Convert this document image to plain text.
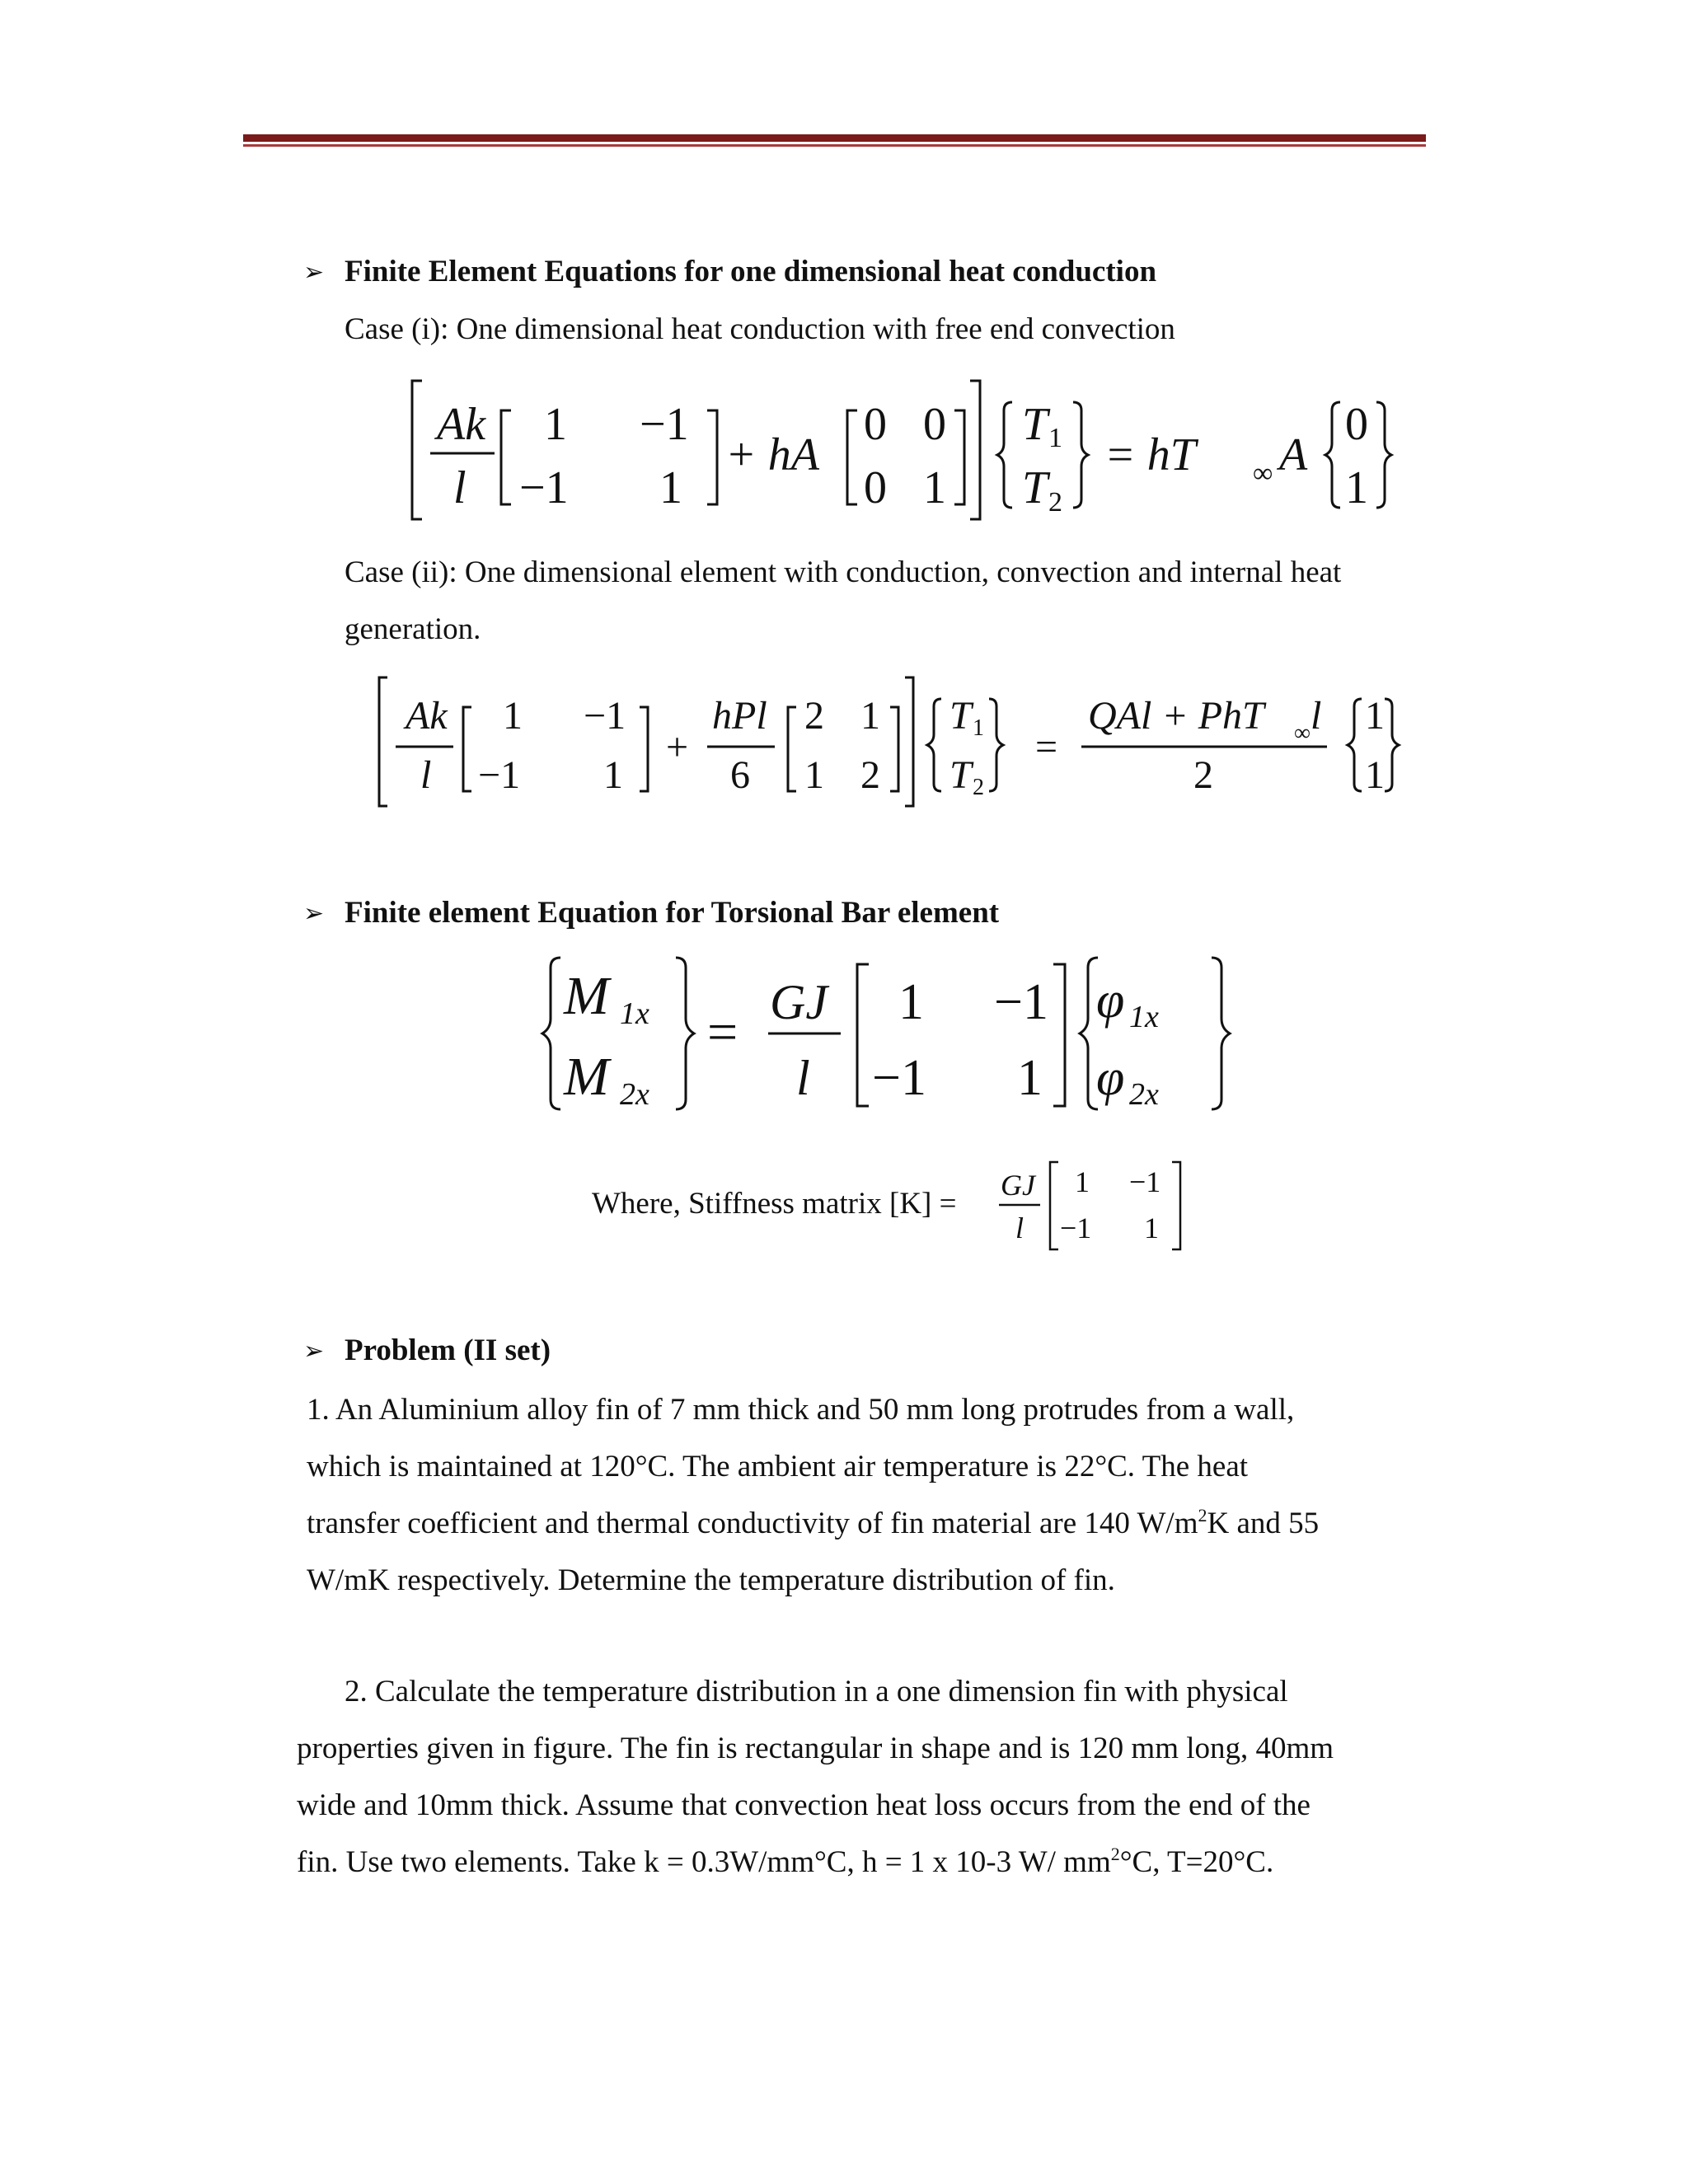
➢ Finite Element Equations for one dimensional heat conduction
Case (i): One dimensional heat conduction with free end convection
Ak
l
1 −1
−1 1
+ hA
0 0
0 1
T 1
T 2
= hT ∞ A
0
1
Case (ii): One dimensional element with conduction, convection and internal heat
generation.
Ak
l
1 −1
−1 1
+
hPl
6
2 1
1 2
T 1
T 2
=
QAl + PhT ∞ l
2
1
1
➢ Finite element Equation for Torsional Bar element
M 1x
M 2x
= GJ
l
1 −1
−1 1
φ 1x
φ 2x
Where, Stiffness matrix [K] =
GJ
l
1 −1
−1 1
➢ Problem (II set)
1. An Aluminium alloy fin of 7 mm thick and 50 mm long protrudes from a wall,
which is maintained at 120°C. The ambient air temperature is 22°C. The heat
transfer coefficient and thermal conductivity of fin material are 140 $W/m^2K$ and 55
W/mK respectively. Determine the temperature distribution of fin.
2. Calculate the temperature distribution in a one dimension fin with physical
properties given in figure. The fin is rectangular in shape and is 120 mm long, 40mm
wide and 10mm thick. Assume that convection heat loss occurs from the end of the
fin. Use two elements. Take k = 0.3W/mm°C, h = 1 x 10-3 W/ $mm^2^\circ C$, T=20°C.
